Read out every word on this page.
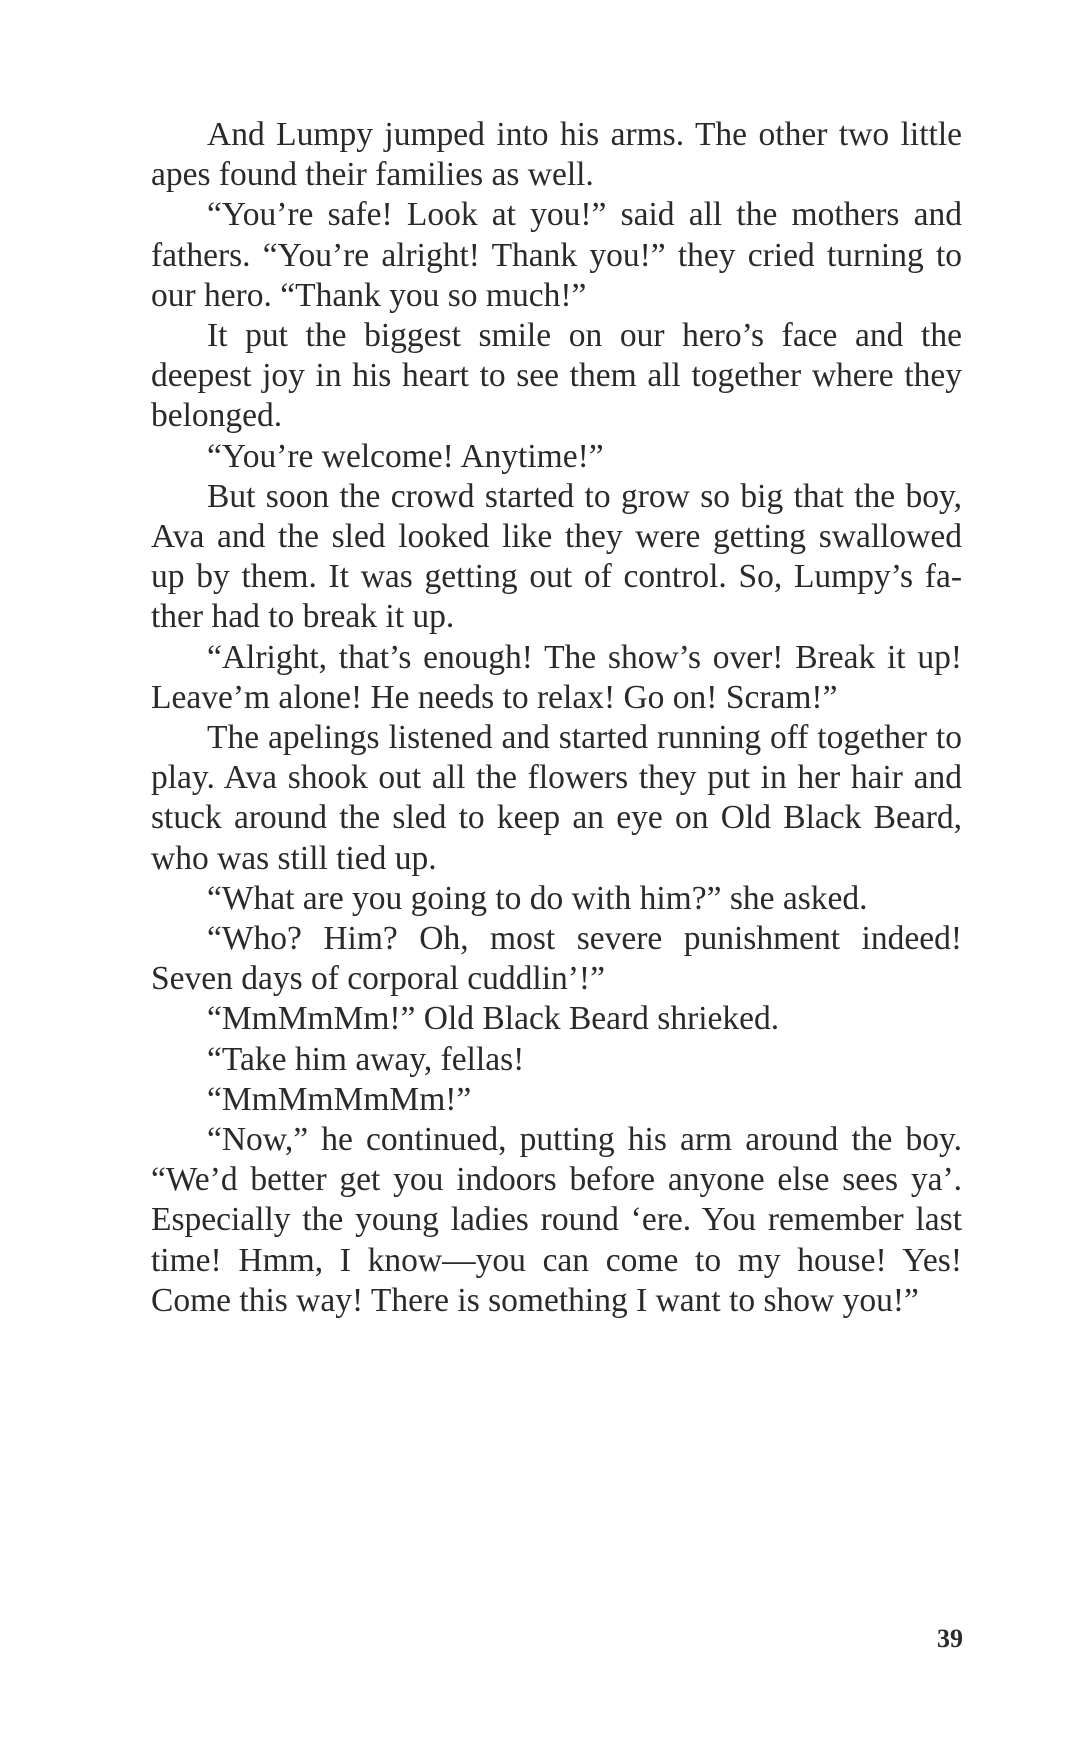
And Lumpy jumped into his arms. The other two little apes found their families as well.

“You’re safe! Look at you!” said all the mothers and fathers. “You’re alright! Thank you!” they cried turning to our hero. “Thank you so much!”

It put the biggest smile on our hero’s face and the deepest joy in his heart to see them all together where they belonged.

“You’re welcome! Anytime!”

But soon the crowd started to grow so big that the boy, Ava and the sled looked like they were getting swallowed up by them. It was getting out of control. So, Lumpy’s father had to break it up.

“Alright, that’s enough! The show’s over! Break it up! Leave’m alone! He needs to relax! Go on! Scram!”

The apelings listened and started running off together to play. Ava shook out all the flowers they put in her hair and stuck around the sled to keep an eye on Old Black Beard, who was still tied up.

“What are you going to do with him?” she asked.

“Who? Him? Oh, most severe punishment indeed! Seven days of corporal cuddlin’!”

“MmMmMm!” Old Black Beard shrieked.

“Take him away, fellas!

“MmMmMmMm!”

“Now,” he continued, putting his arm around the boy. “We’d better get you indoors before anyone else sees ya’. Especially the young ladies round ‘ere. You remember last time! Hmm, I know—you can come to my house! Yes! Come this way! There is something I want to show you!”

39
